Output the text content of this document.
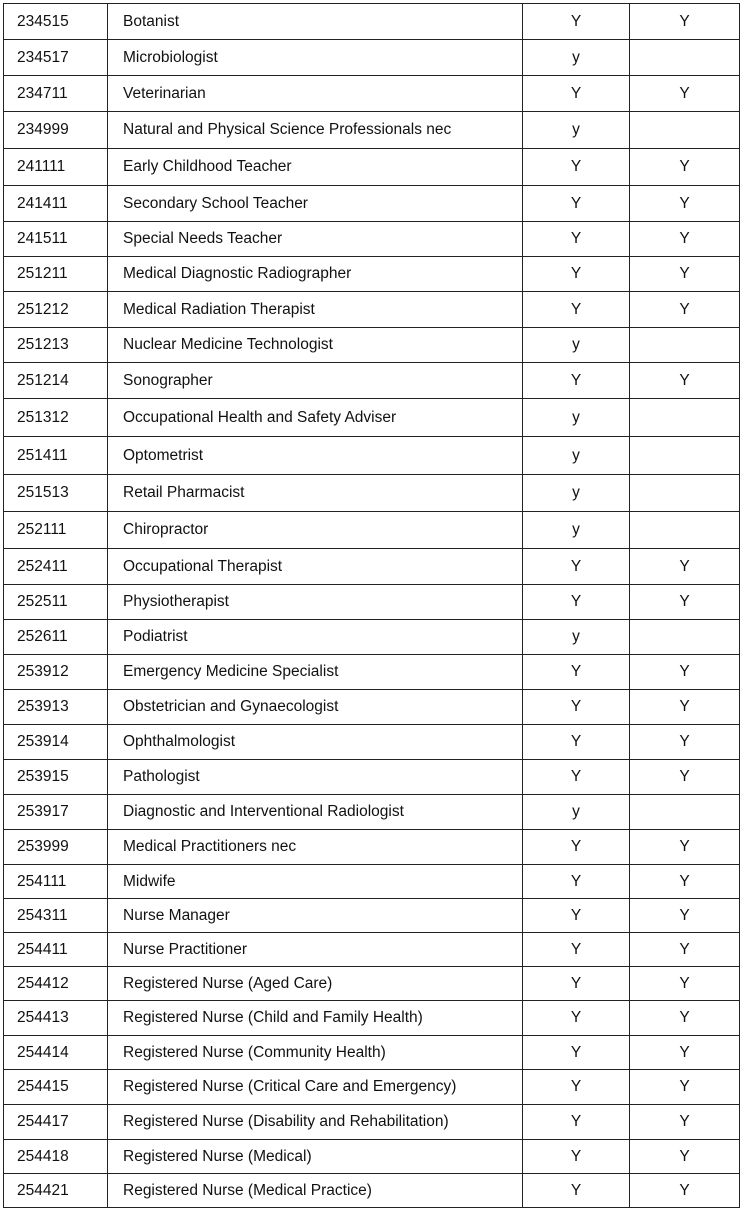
234515	Botanist	Y	Y
234517	Microbiologist	y	
234711	Veterinarian	Y	Y
234999	Natural and Physical Science Professionals nec	y	
241111	Early Childhood Teacher	Y	Y
241411	Secondary School Teacher	Y	Y
241511	Special Needs Teacher	Y	Y
251211	Medical Diagnostic Radiographer	Y	Y
251212	Medical Radiation Therapist	Y	Y
251213	Nuclear Medicine Technologist	y	
251214	Sonographer	Y	Y
251312	Occupational Health and Safety Adviser	y	
251411	Optometrist	y	
251513	Retail Pharmacist	y	
252111	Chiropractor	y	
252411	Occupational Therapist	Y	Y
252511	Physiotherapist	Y	Y
252611	Podiatrist	y	
253912	Emergency Medicine Specialist	Y	Y
253913	Obstetrician and Gynaecologist	Y	Y
253914	Ophthalmologist	Y	Y
253915	Pathologist	Y	Y
253917	Diagnostic and Interventional Radiologist	y	
253999	Medical Practitioners nec	Y	Y
254111	Midwife	Y	Y
254311	Nurse Manager	Y	Y
254411	Nurse Practitioner	Y	Y
254412	Registered Nurse (Aged Care)	Y	Y
254413	Registered Nurse (Child and Family Health)	Y	Y
254414	Registered Nurse (Community Health)	Y	Y
254415	Registered Nurse (Critical Care and Emergency)	Y	Y
254417	Registered Nurse (Disability and Rehabilitation)	Y	Y
254418	Registered Nurse (Medical)	Y	Y
254421	Registered Nurse (Medical Practice)	Y	Y
